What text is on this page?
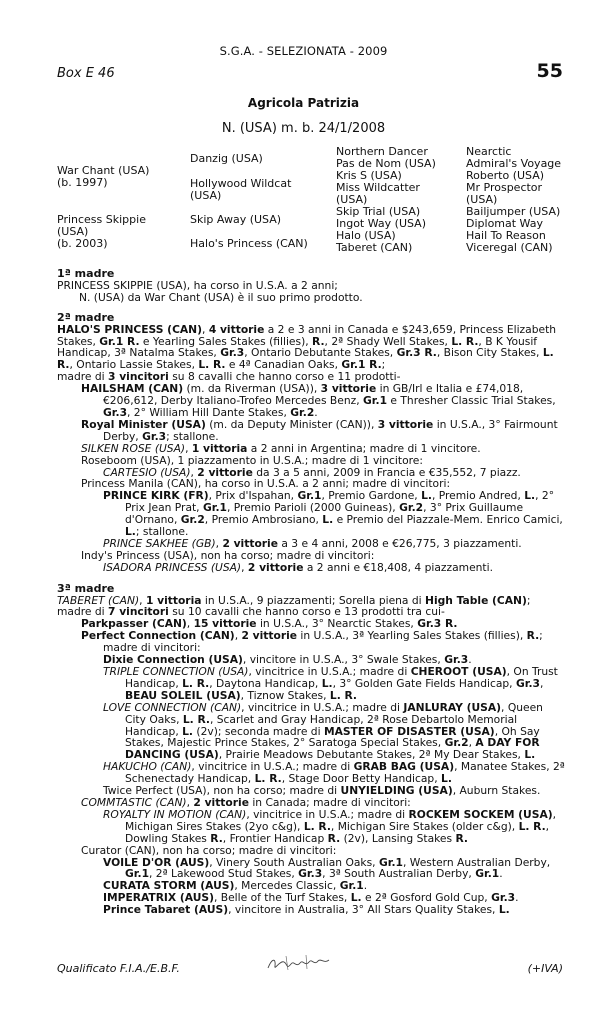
S.G.A. - SELEZIONATA - 2009
Box E 46	55
Agricola Patrizia
N. (USA) m. b. 24/1/2008
War Chant (USA)
(b. 1997)
Princess Skippie
(USA)
(b. 2003)
Danzig (USA)
Hollywood Wildcat
(USA)
Skip Away (USA)
Halo's Princess (CAN)
Northern Dancer
Pas de Nom (USA)
Kris S (USA)
Miss Wildcatter
(USA)
Skip Trial (USA)
Ingot Way (USA)
Halo (USA)
Taberet (CAN)
Nearctic
Admiral's Voyage
Roberto (USA)
Mr Prospector
(USA)
Bailjumper (USA)
Diplomat Way
Hail To Reason
Viceregal (CAN)

1ª madre

PRINCESS SKIPPIE (USA), ha corso in U.S.A. a 2 anni;

N. (USA) da War Chant (USA) è il suo primo prodotto.

2ª madre

HALO'S PRINCESS (CAN), 4 vittorie a 2 e 3 anni in Canada e $243,659, Princess Elizabeth Stakes, Gr.1 R. e Yearling Sales Stakes (fillies), R., 2ª Shady Well Stakes, L. R., B K Yousif Handicap, 3ª Natalma Stakes, Gr.3, Ontario Debutante Stakes, Gr.3 R., Bison City Stakes, L. R., Ontario Lassie Stakes, L. R. e 4ª Canadian Oaks, Gr.1 R.;

madre di 3 vincitori su 8 cavalli che hanno corso e 11 prodotti-

HAILSHAM (CAN) (m. da Riverman (USA)), 3 vittorie in GB/Irl e Italia e £74,018, €206,612, Derby Italiano-Trofeo Mercedes Benz, Gr.1 e Thresher Classic Trial Stakes, Gr.3, 2° William Hill Dante Stakes, Gr.2.

Royal Minister (USA) (m. da Deputy Minister (CAN)), 3 vittorie in U.S.A., 3° Fairmount Derby, Gr.3; stallone.

SILKEN ROSE (USA), 1 vittoria a 2 anni in Argentina; madre di 1 vincitore.

Roseboom (USA), 1 piazzamento in U.S.A.; madre di 1 vincitore:

CARTESIO (USA), 2 vittorie da 3 a 5 anni, 2009 in Francia e €35,552, 7 piazz.

Princess Manila (CAN), ha corso in U.S.A. a 2 anni; madre di vincitori:

PRINCE KIRK (FR), Prix d'Ispahan, Gr.1, Premio Gardone, L., Premio Andred, L., 2° Prix Jean Prat, Gr.1, Premio Parioli (2000 Guineas), Gr.2, 3° Prix Guillaume d'Ornano, Gr.2, Premio Ambrosiano, L. e Premio del Piazzale-Mem. Enrico Camici, L.; stallone.

PRINCE SAKHEE (GB), 2 vittorie a 3 e 4 anni, 2008 e €26,775, 3 piazzamenti.

Indy's Princess (USA), non ha corso; madre di vincitori:

ISADORA PRINCESS (USA), 2 vittorie a 2 anni e €18,408, 4 piazzamenti.

3ª madre

TABERET (CAN), 1 vittoria in U.S.A., 9 piazzamenti; Sorella piena di High Table (CAN); madre di 7 vincitori su 10 cavalli che hanno corso e 13 prodotti tra cui-

Parkpasser (CAN), 15 vittorie in U.S.A., 3° Nearctic Stakes, Gr.3 R.

Perfect Connection (CAN), 2 vittorie in U.S.A., 3ª Yearling Sales Stakes (fillies), R.; madre di vincitori:

Dixie Connection (USA), vincitore in U.S.A., 3° Swale Stakes, Gr.3.

TRIPLE CONNECTION (USA), vincitrice in U.S.A.; madre di CHEROOT (USA), On Trust Handicap, L. R., Daytona Handicap, L., 3° Golden Gate Fields Handicap, Gr.3, BEAU SOLEIL (USA), Tiznow Stakes, L. R.

LOVE CONNECTION (CAN), vincitrice in U.S.A.; madre di JANLURAY (USA), Queen City Oaks, L. R., Scarlet and Gray Handicap, 2ª Rose Debartolo Memorial Handicap, L. (2v); seconda madre di MASTER OF DISASTER (USA), Oh Say Stakes, Majestic Prince Stakes, 2° Saratoga Special Stakes, Gr.2, A DAY FOR DANCING (USA), Prairie Meadows Debutante Stakes, 2ª My Dear Stakes, L.

HAKUCHO (CAN), vincitrice in U.S.A.; madre di GRAB BAG (USA), Manatee Stakes, 2ª Schenectady Handicap, L. R., Stage Door Betty Handicap, L.

Twice Perfect (USA), non ha corso; madre di UNYIELDING (USA), Auburn Stakes.

COMMTASTIC (CAN), 2 vittorie in Canada; madre di vincitori:

ROYALTY IN MOTION (CAN), vincitrice in U.S.A.; madre di ROCKEM SOCKEM (USA), Michigan Sires Stakes (2yo c&g), L. R., Michigan Sire Stakes (older c&g), L. R., Dowling Stakes R., Frontier Handicap R. (2v), Lansing Stakes R.

Curator (CAN), non ha corso; madre di vincitori:

VOILE D'OR (AUS), Vinery South Australian Oaks, Gr.1, Western Australian Derby, Gr.1, 2ª Lakewood Stud Stakes, Gr.3, 3ª South Australian Derby, Gr.1.

CURATA STORM (AUS), Mercedes Classic, Gr.1.

IMPERATRIX (AUS), Belle of the Turf Stakes, L. e 2ª Gosford Gold Cup, Gr.3.

Prince Tabaret (AUS), vincitore in Australia, 3° All Stars Quality Stakes, L.

Qualificato F.I.A./E.B.F.	(+IVA)
